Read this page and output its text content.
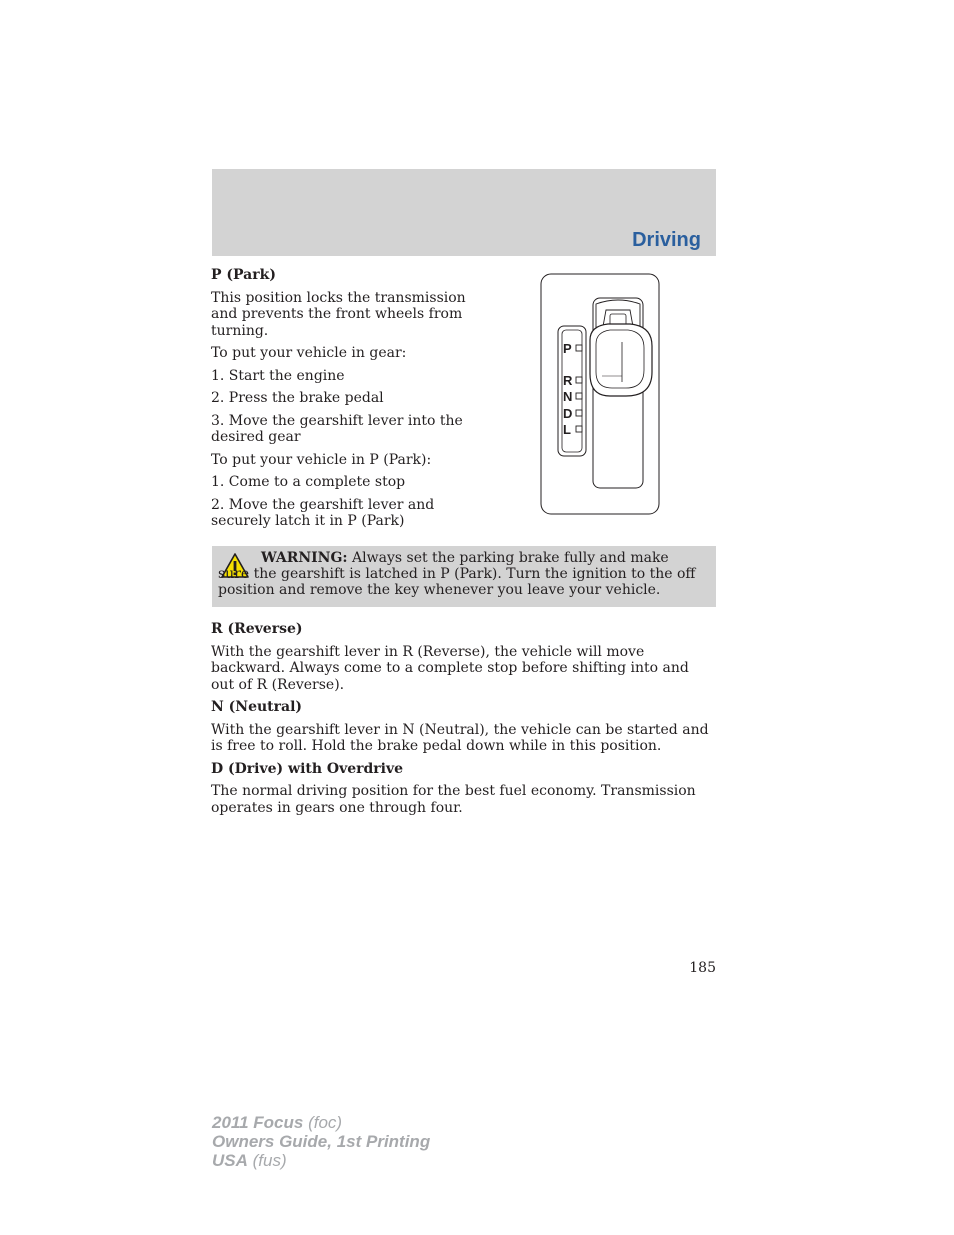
Driving

P (Park)

This position locks the transmission and prevents the front wheels from turning.

To put your vehicle in gear:

1. Start the engine

2. Press the brake pedal

3. Move the gearshift lever into the desired gear

To put your vehicle in P (Park):

1. Come to a complete stop

2. Move the gearshift lever and securely latch it in P (Park)

P
R
N
D
L
WARNING: Always set the parking brake fully and make sure the gearshift is latched in P (Park). Turn the ignition to the off position and remove the key whenever you leave your vehicle.

R (Reverse)

With the gearshift lever in R (Reverse), the vehicle will move backward. Always come to a complete stop before shifting into and out of R (Reverse).

N (Neutral)

With the gearshift lever in N (Neutral), the vehicle can be started and is free to roll. Hold the brake pedal down while in this position.

D (Drive) with Overdrive

The normal driving position for the best fuel economy. Transmission operates in gears one through four.

185
2011 Focus (foc)
Owners Guide, 1st Printing
USA (fus)
